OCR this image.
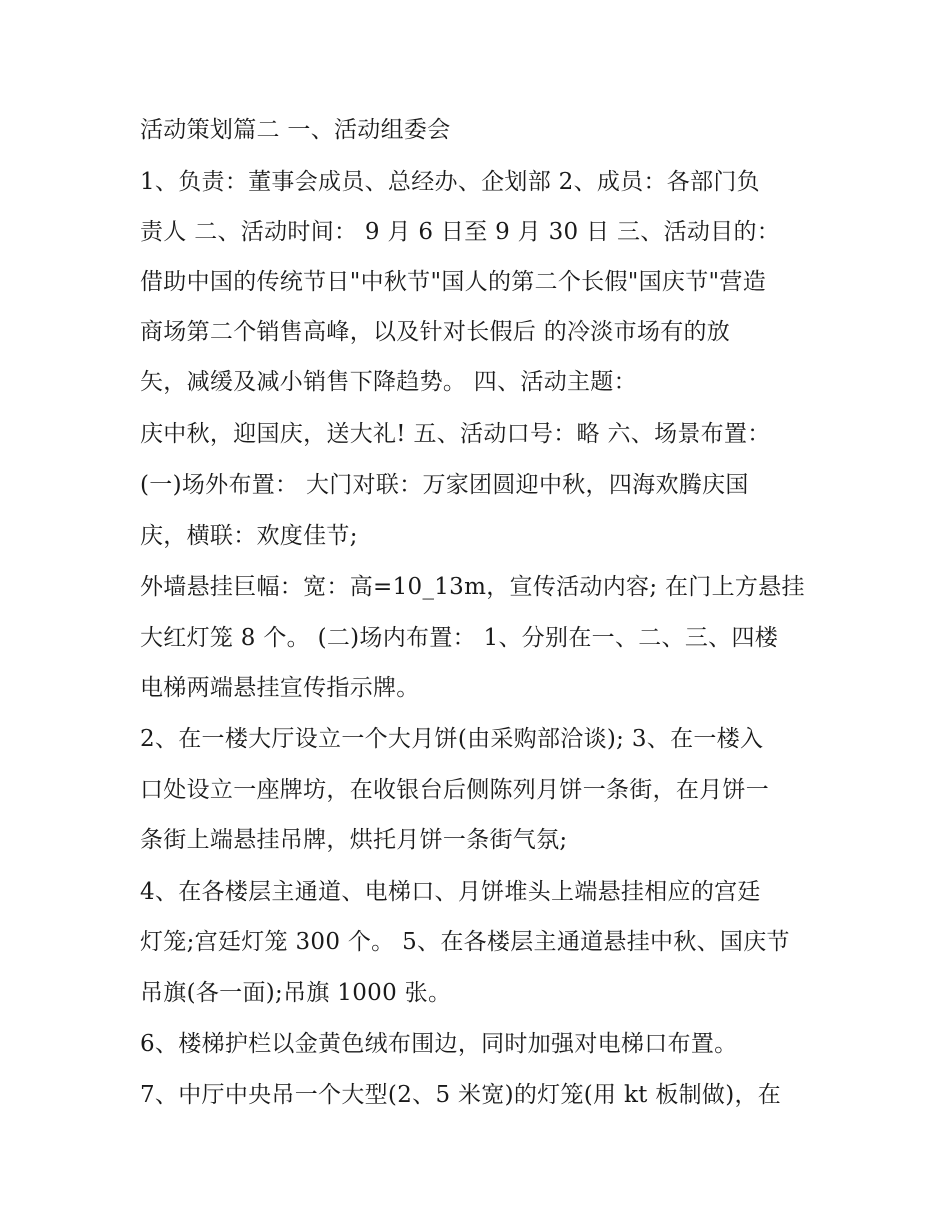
活动策划篇二 一、活动组委会
1、负责：董事会成员、总经办、企划部 2、成员：各部门负
责人 二、活动时间： 9 月 6 日至 9 月 30 日 三、活动目的：
借助中国的传统节日"中秋节"国人的第二个长假"国庆节"营造
商场第二个销售高峰，以及针对长假后 的冷淡市场有的放
矢，减缓及减小销售下降趋势。 四、活动主题：
庆中秋，迎国庆，送大礼! 五、活动口号：略 六、场景布置：
(一)场外布置： 大门对联：万家团圆迎中秋，四海欢腾庆国
庆，横联：欢度佳节;
外墙悬挂巨幅：宽：高=10_13m，宣传活动内容; 在门上方悬挂
大红灯笼 8 个。 (二)场内布置： 1、分别在一、二、三、四楼
电梯两端悬挂宣传指示牌。
2、在一楼大厅设立一个大月饼(由采购部洽谈); 3、在一楼入
口处设立一座牌坊，在收银台后侧陈列月饼一条街，在月饼一
条街上端悬挂吊牌，烘托月饼一条街气氛;
4、在各楼层主通道、电梯口、月饼堆头上端悬挂相应的宫廷
灯笼;宫廷灯笼 300 个。 5、在各楼层主通道悬挂中秋、国庆节
吊旗(各一面);吊旗 1000 张。
6、楼梯护栏以金黄色绒布围边，同时加强对电梯口布置。
7、中厅中央吊一个大型(2、5 米宽)的灯笼(用 kt 板制做)，在
